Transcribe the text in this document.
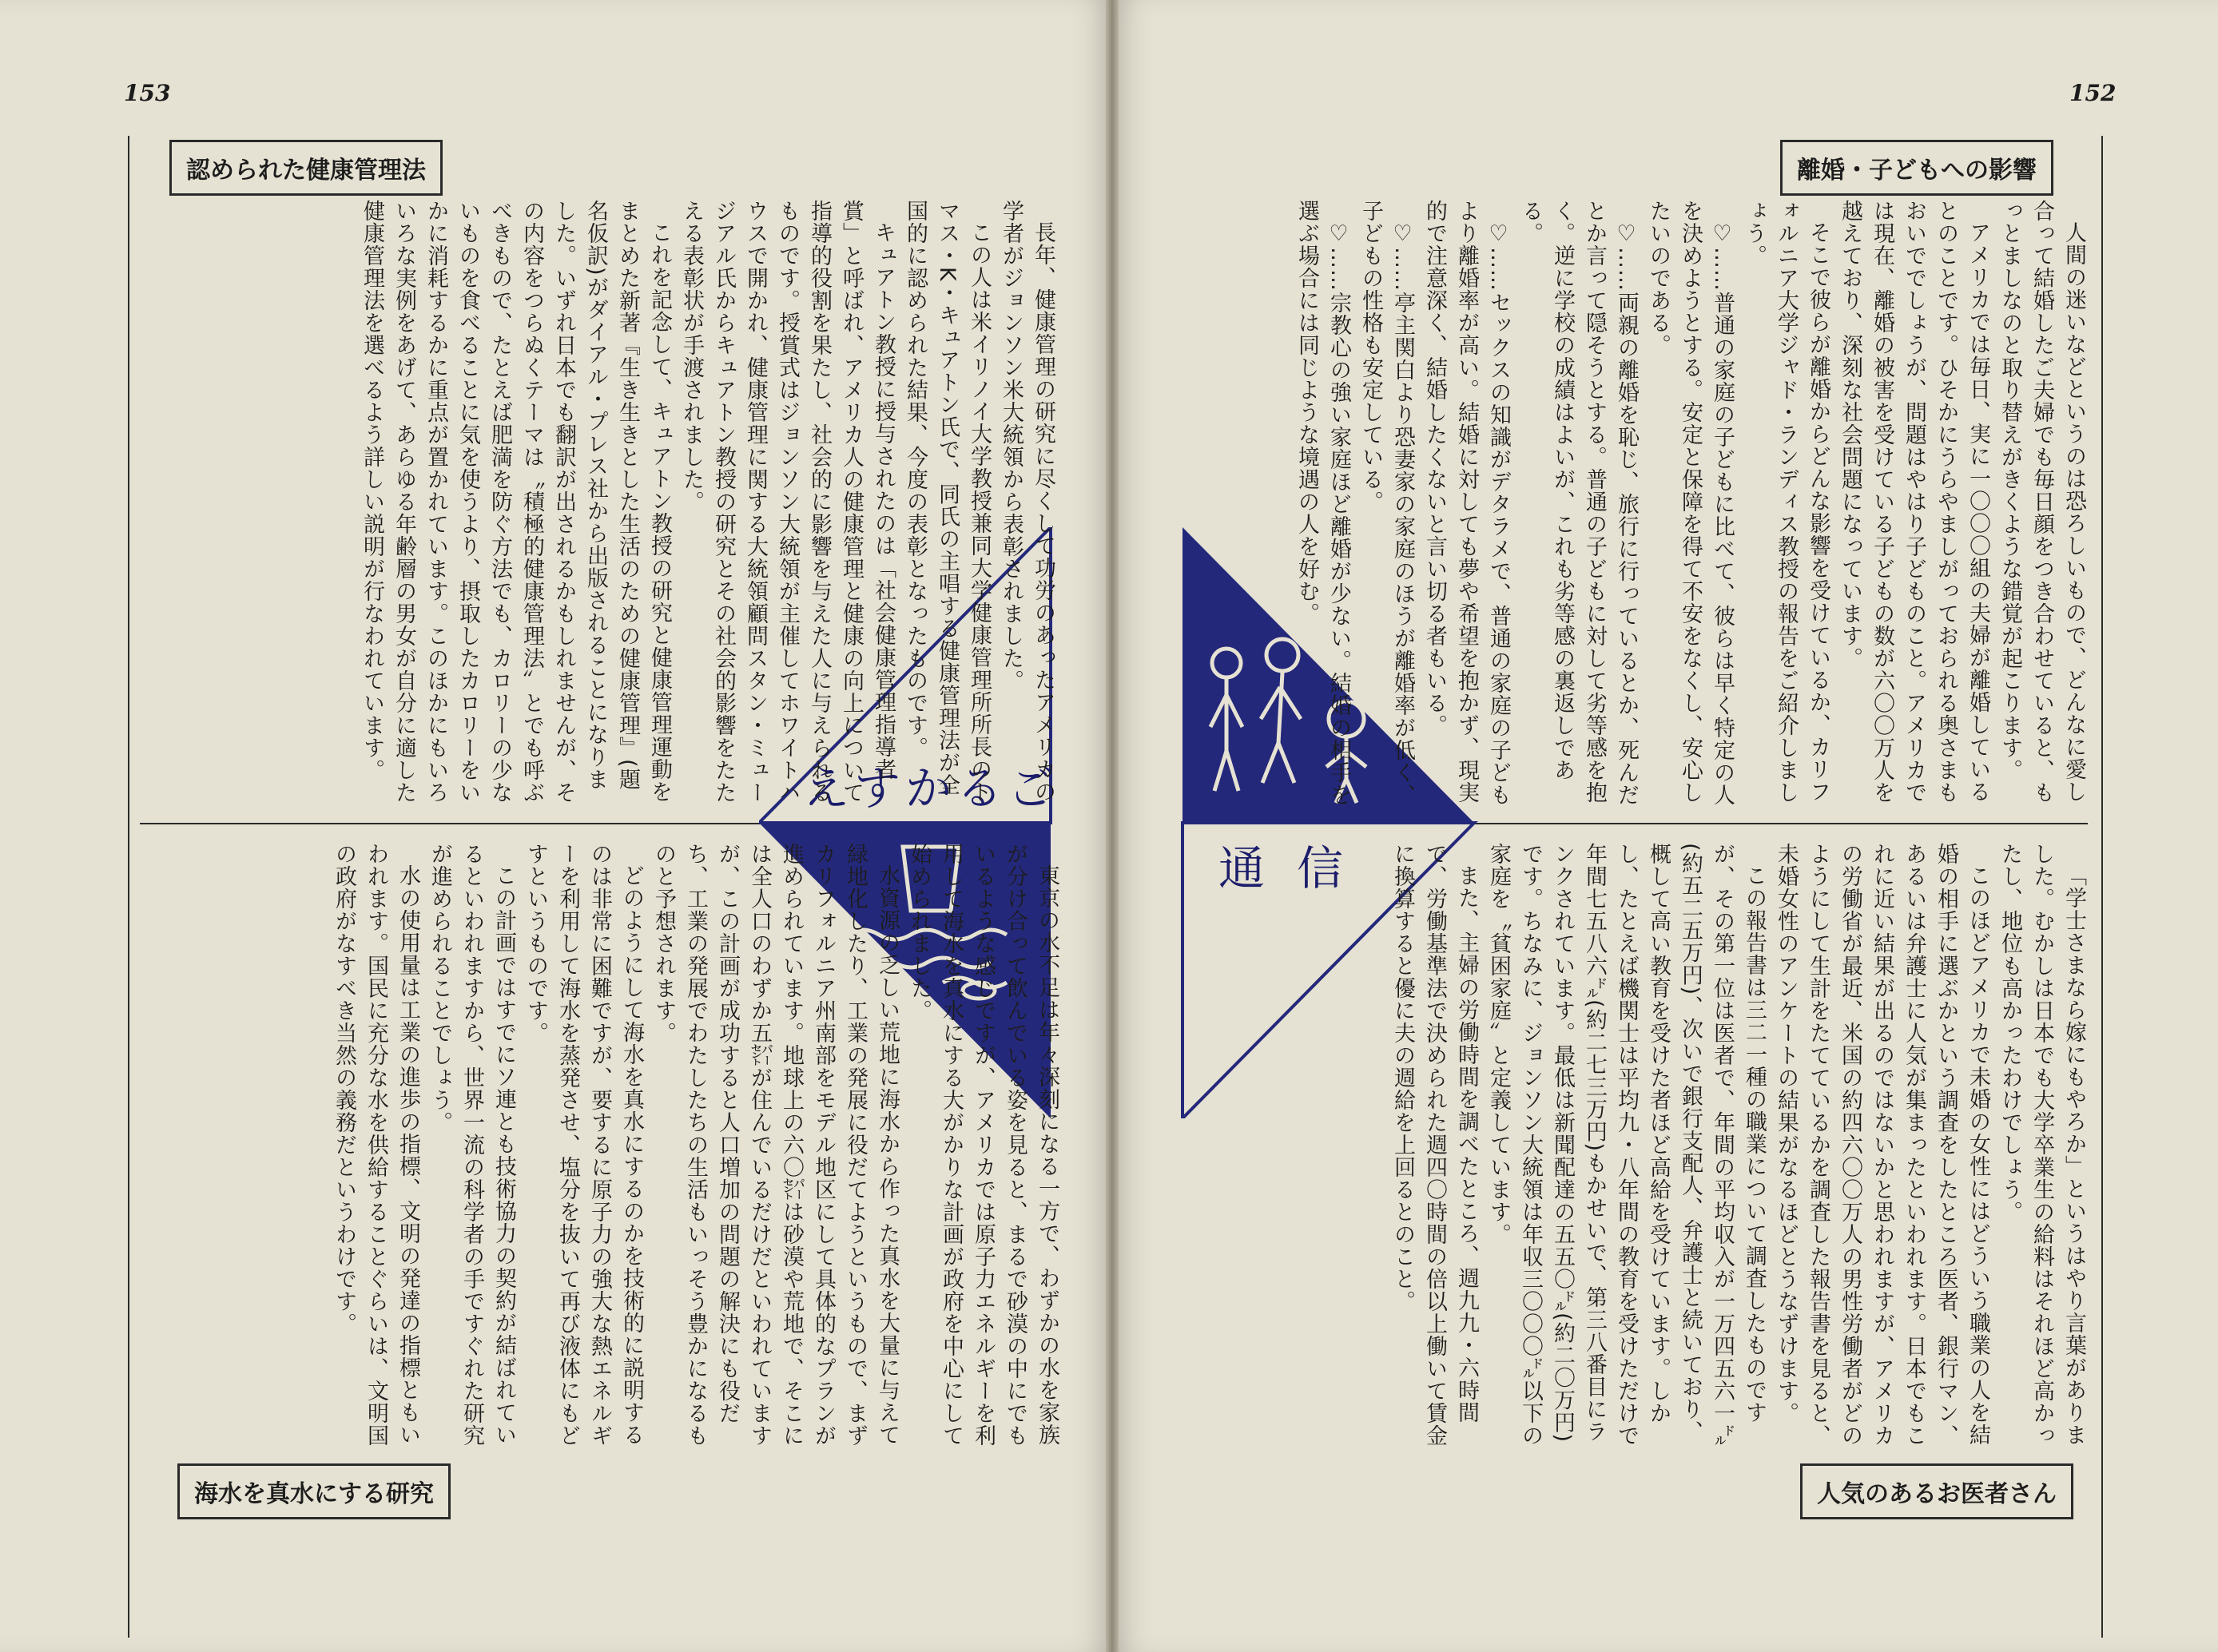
153	152
えすかるご
通信
認められた健康管理法

長年、健康管理の研究に尽くして功労のあったアメリカの学者がジョンソン米大統領から表彰されました。

この人は米イリノイ大学教授兼同大学健康管理所所長のトマス・K・キュアトン氏で、同氏の主唱する健康管理法が全国的に認められた結果、今度の表彰となったものです。

キュアトン教授に授与されたのは「社会健康管理指導者賞」と呼ばれ、アメリカ人の健康管理と健康の向上について指導的役割を果たし、社会的に影響を与えた人に与えられるものです。授賞式はジョンソン大統領が主催してホワイトハウスで開かれ、健康管理に関する大統領顧問スタン・ミュージアル氏からキュアトン教授の研究とその社会的影響をたたえる表彰状が手渡されました。

これを記念して、キュアトン教授の研究と健康管理運動をまとめた新著『生き生きとした生活のための健康管理』(題名仮訳)がダイアル・プレス社から出版されることになりました。いずれ日本でも翻訳が出されるかもしれませんが、その内容をつらぬくテーマは〝積極的健康管理法〟とでも呼ぶべきもので、たとえば肥満を防ぐ方法でも、カロリーの少ないものを食べることに気を使うより、摂取したカロリーをいかに消耗するかに重点が置かれています。このほかにもいろいろな実例をあげて、あらゆる年齢層の男女が自分に適した健康管理法を選べるよう詳しい説明が行なわれています。

東京の水不足は年々深刻になる一方で、わずかの水を家族が分け合って飲んでいる姿を見ると、まるで砂漠の中にでもいるような感じですが、アメリカでは原子力エネルギーを利用して海水を真水にする大がかりな計画が政府を中心にして始められました。

水資源の乏しい荒地に海水から作った真水を大量に与えて緑地化したり、工業の発展に役だてようというもので、まずカリフォルニア州南部をモデル地区にして具体的なプランが進められています。地球上の六〇㌫は砂漠や荒地で、そこには全人口のわずか五㌫が住んでいるだけだといわれていますが、この計画が成功すると人口増加の問題の解決にも役だち、工業の発展でわたしたちの生活もいっそう豊かになるものと予想されます。

どのようにして海水を真水にするのかを技術的に説明するのは非常に困難ですが、要するに原子力の強大な熱エネルギーを利用して海水を蒸発させ、塩分を抜いて再び液体にもどすというものです。

この計画ではすでにソ連とも技術協力の契約が結ばれているといわれますから、世界一流の科学者の手ですぐれた研究が進められることでしょう。

水の使用量は工業の進歩の指標、文明の発達の指標ともいわれます。国民に充分な水を供給することぐらいは、文明国の政府がなすべき当然の義務だというわけです。

海水を真水にする研究
離婚・子どもへの影響

人間の迷いなどというのは恐ろしいもので、どんなに愛し合って結婚したご夫婦でも毎日顔をつき合わせていると、もっとましなのと取り替えがきくような錯覚が起こります。

アメリカでは毎日、実に一〇〇〇組の夫婦が離婚しているとのことです。ひそかにうらやましがっておられる奥さまもおいででしょうが、問題はやはり子どものこと。アメリカでは現在、離婚の被害を受けている子どもの数が六〇〇万人を越えており、深刻な社会問題になっています。

そこで彼らが離婚からどんな影響を受けているか、カリフォルニア大学ジャド・ランディス教授の報告をご紹介しましょう。

♡……普通の家庭の子どもに比べて、彼らは早く特定の人を決めようとする。安定と保障を得て不安をなくし、安心したいのである。

♡……両親の離婚を恥じ、旅行に行っているとか、死んだとか言って隠そうとする。普通の子どもに対して劣等感を抱く。逆に学校の成績はよいが、これも劣等感の裏返しである。

♡……セックスの知識がデタラメで、普通の家庭の子どもより離婚率が高い。結婚に対しても夢や希望を抱かず、現実的で注意深く、結婚したくないと言い切る者もいる。

♡……亭主関白より恐妻家の家庭のほうが離婚率が低く、子どもの性格も安定している。

♡……宗教心の強い家庭ほど離婚が少ない。結婚の相手を選ぶ場合には同じような境遇の人を好む。

「学士さまなら嫁にもやろか」というはやり言葉がありました。むかしは日本でも大学卒業生の給料はそれほど高かったし、地位も高かったわけでしょう。

このほどアメリカで未婚の女性にはどういう職業の人を結婚の相手に選ぶかという調査をしたところ医者、銀行マン、あるいは弁護士に人気が集まったといわれます。日本でもこれに近い結果が出るのではないかと思われますが、アメリカの労働省が最近、米国の約四六〇〇万人の男性労働者がどのようにして生計をたてているかを調査した報告書を見ると、未婚女性のアンケートの結果がなるほどとうなずけます。

この報告書は三二一種の職業について調査したものですが、その第一位は医者で、年間の平均収入が一万四五六一㌦(約五二五万円)、次いで銀行支配人、弁護士と続いており、概して高い教育を受けた者ほど高給を受けています。しかし、たとえば機関士は平均九・八年間の教育を受けただけで年間七五八六㌦(約二七三万円)もかせいで、第三八番目にランクされています。最低は新聞配達の五五〇㌦(約二〇万円)です。ちなみに、ジョンソン大統領は年収三〇〇〇㌦以下の家庭を〝貧困家庭〟と定義しています。

また、主婦の労働時間を調べたところ、週九九・六時間で、労働基準法で決められた週四〇時間の倍以上働いて賃金に換算すると優に夫の週給を上回るとのこと。

人気のあるお医者さん
